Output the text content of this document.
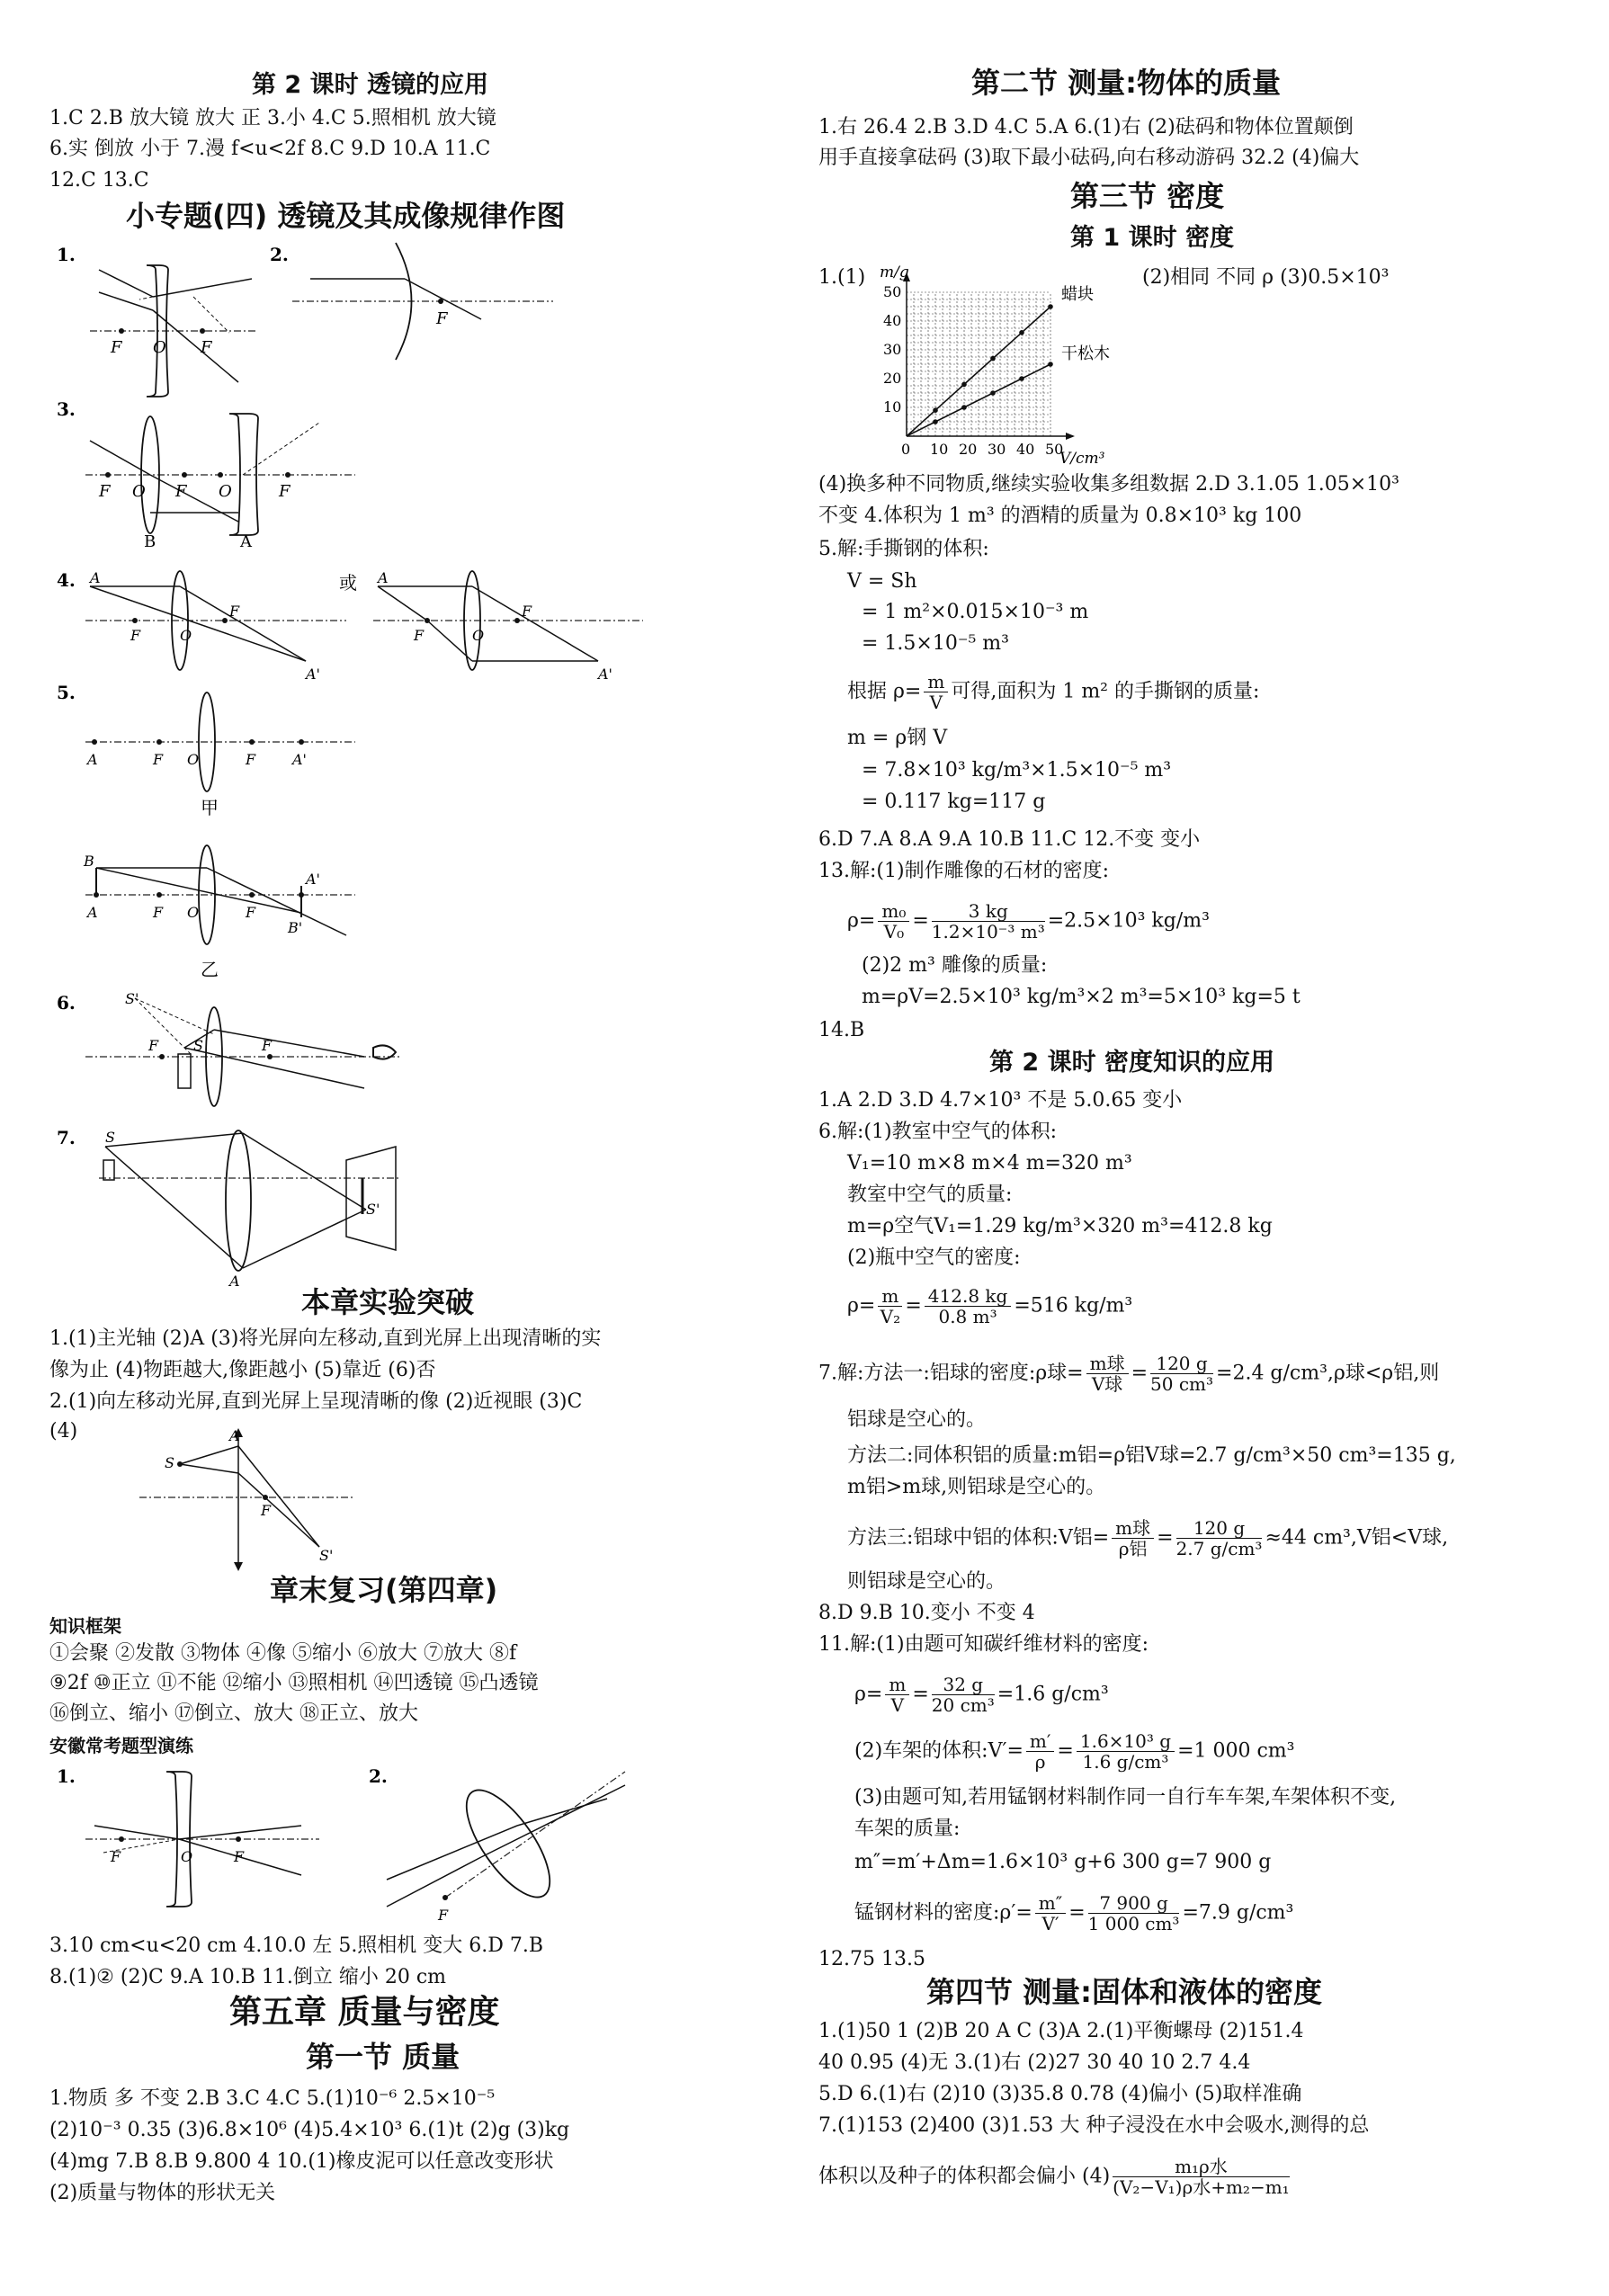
第 2 课时 透镜的应用
1.C 2.B 放大镜 放大 正 3.小 4.C 5.照相机 放大镜
6.实 倒放 小于 7.漫 f<u<2f 8.C 9.D 10.A 11.C
12.C 13.C
小专题(四) 透镜及其成像规律作图
1.
F O F
2.
F
3.
F O F O	F
B	A
4. A
F	O
F
A'
或 A
F	O
F
A'
5.
A	F O	F	A'
甲
B
A	F O	F
A'
B'
乙
6.	S'
S
F	F
7. S
S'
A
本章实验突破
1.(1)主光轴 (2)A (3)将光屏向左移动,直到光屏上出现清晰的实
像为止 (4)物距越大,像距越小 (5)靠近 (6)否
2.(1)向左移动光屏,直到光屏上呈现清晰的像 (2)近视眼 (3)C
(4)
S
A
F
S'
章末复习(第四章)
知识框架
①会聚 ②发散 ③物体 ④像 ⑤缩小 ⑥放大 ⑦放大 ⑧f
⑨2f ⑩正立 ⑪不能 ⑫缩小 ⑬照相机 ⑭凹透镜 ⑮凸透镜
⑯倒立、缩小 ⑰倒立、放大 ⑱正立、放大
安徽常考题型演练
1.
F	O	F
2.
F
3.10 cm<u<20 cm 4.10.0 左 5.照相机 变大 6.D 7.B
8.(1)② (2)C 9.A 10.B 11.倒立 缩小 20 cm
第五章 质量与密度
第一节 质量
1.物质 多 不变 2.B 3.C 4.C 5.(1)10⁻⁶ 2.5×10⁻⁵
(2)10⁻³ 0.35 (3)6.8×10⁶ (4)5.4×10³ 6.(1)t (2)g (3)kg
(4)mg 7.B 8.B 9.800 4 10.(1)橡皮泥可以任意改变形状
(2)质量与物体的形状无关
第二节 测量:物体的质量
1.右 26.4 2.B 3.D 4.C 5.A 6.(1)右 (2)砝码和物体位置颠倒
用手直接拿砝码 (3)取下最小砝码,向右移动游码 32.2 (4)偏大
第三节 密度
第 1 课时 密度
1.(1)	(2)相同 不同 ρ (3)0.5×10³
0 10 20 30 40 50
10
20
30
40
50	蜡块
干松木
m/g
V/cm³
(4)换多种不同物质,继续实验收集多组数据 2.D 3.1.05 1.05×10³
不变 4.体积为 1 m³ 的酒精的质量为 0.8×10³ kg 100
5.解:手撕钢的体积:
V = Sh
= 1 m²×0.015×10⁻³ m
= 1.5×10⁻⁵ m³
根据 $\rho= \frac{m}{V}$ 可得,面积为 1 m² 的手撕钢的质量:
m = ρ钢 V
= 7.8×10³ kg/m³×1.5×10⁻⁵ m³
= 0.117 kg=117 g
6.D 7.A 8.A 9.A 10.B 11.C 12.不变 变小
13.解:(1)制作雕像的石材的密度:
$\rho= \frac{\text{m₀}}{\text{V₀}} = \frac{3 kg}{\text{1.2×10⁻³ m³}} =2.5\times 10^3$ kg/m³
(2)2 m³ 雕像的质量:
m=ρV=2.5×10³ kg/m³×2 m³=5×10³ kg=5 t
14.B
第 2 课时 密度知识的应用
1.A 2.D 3.D 4.7×10³ 不是 5.0.65 变小
6.解:(1)教室中空气的体积:
V₁=10 m×8 m×4 m=320 m³
教室中空气的质量:
m=ρ空气V₁=1.29 kg/m³×320 m³=412.8 kg
(2)瓶中空气的密度:
$\rho= \frac{m}{\text{V₂}} = \frac{412.8 kg}{\text{0.8 m³}} =516$ kg/m³
7.解:方法一:铝球的密度:ρ球= $\frac{\text{m球}}{\text{V球}} = \frac{120 g}{\text{50 cm³}} =2.4$ g/cm³,ρ球<ρ铝,则
铝球是空心的。
方法二:同体积铝的质量:m铝=ρ铝V球=2.7 g/cm³×50 cm³=135 g,
m铝>m球,则铝球是空心的。
方法三:铝球中铝的体积:V铝= $\frac{\text{m球}}{\text{ρ铝}} = \frac{120 g}{\text{2.7 g/cm³}} \approx 44$ cm³,V铝<V球,
则铝球是空心的。
8.D 9.B 10.变小 不变 4
11.解:(1)由题可知碳纤维材料的密度:
$\rho= \frac{m}{V} = \frac{32 g}{\text{20 cm³}} =1.6$ g/cm³
(2)车架的体积:V′= $\frac{m'}{\rho} = \frac{\text{1.6×10³ g}}{\text{1.6 g/cm³}} =1$ 000 cm³
(3)由题可知,若用锰钢材料制作同一自行车车架,车架体积不变,
车架的质量:
m″=m′+Δm=1.6×10³ g+6 300 g=7 900 g
锰钢材料的密度:ρ′= $\frac{m''}{V'} = \frac{7 900 g}{\text{1 000 cm³}} =7.9$ g/cm³
12.75 13.5
第四节 测量:固体和液体的密度
1.(1)50 1 (2)B 20 A C (3)A 2.(1)平衡螺母 (2)151.4
40 0.95 (4)无 3.(1)右 (2)27 30 40 10 2.7 4.4
5.D 6.(1)右 (2)10 (3)35.8 0.78 (4)偏小 (5)取样准确
7.(1)153 (2)400 (3)1.53 大 种子浸没在水中会吸水,测得的总
体积以及种子的体积都会偏小 $(4) \frac{\text{m₁ρ水}}{\text{(V₂−V₁)ρ水+m₂−m₁}}$
